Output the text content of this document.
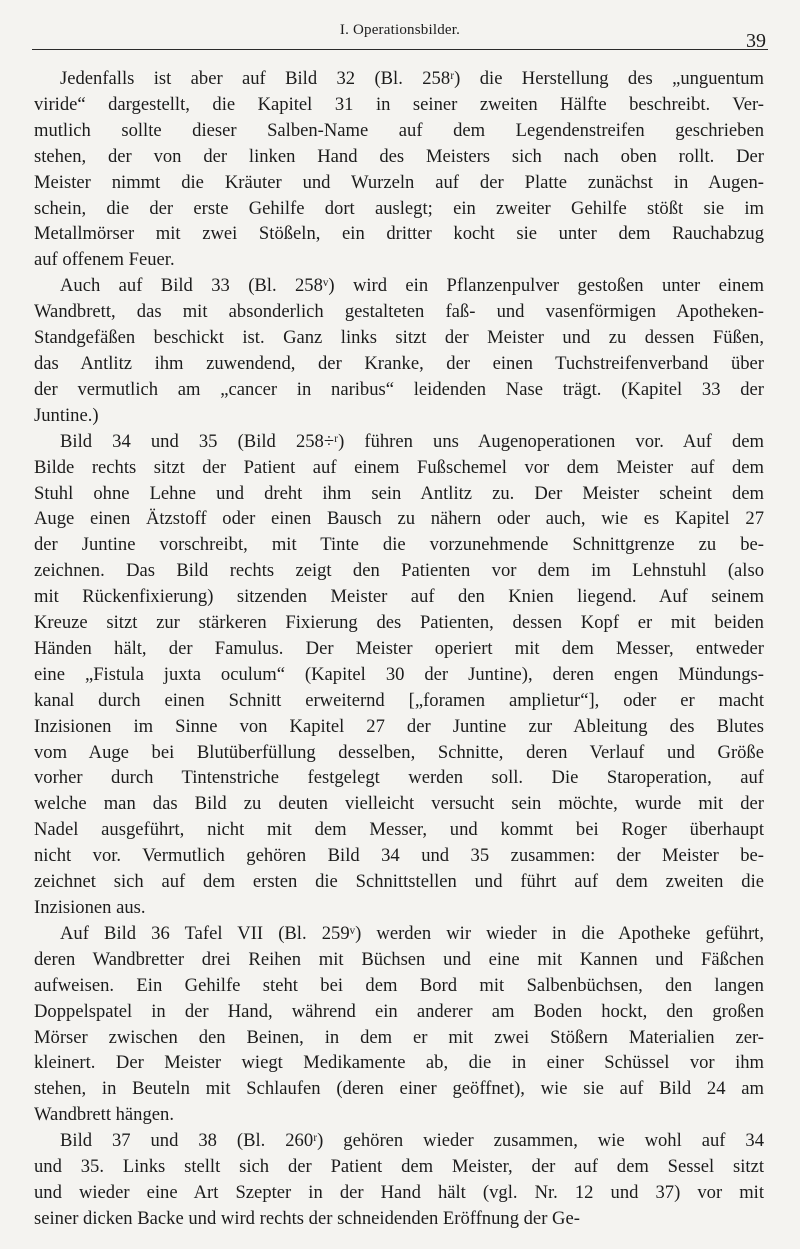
I. Operationsbilder.	39

Jedenfalls ist aber auf Bild 32 (Bl. 258ʳ) die Herstellung des „unguentum
viride“ dargestellt, die Kapitel 31 in seiner zweiten Hälfte beschreibt. Ver-
mutlich sollte dieser Salben-Name auf dem Legendenstreifen geschrieben
stehen, der von der linken Hand des Meisters sich nach oben rollt. Der
Meister nimmt die Kräuter und Wurzeln auf der Platte zunächst in Augen-
schein, die der erste Gehilfe dort auslegt; ein zweiter Gehilfe stößt sie im
Metallmörser mit zwei Stößeln, ein dritter kocht sie unter dem Rauchabzug
auf offenem Feuer.

Auch auf Bild 33 (Bl. 258ᵛ) wird ein Pflanzenpulver gestoßen unter einem
Wandbrett, das mit absonderlich gestalteten faß- und vasenförmigen Apotheken-
Standgefäßen beschickt ist. Ganz links sitzt der Meister und zu dessen Füßen,
das Antlitz ihm zuwendend, der Kranke, der einen Tuchstreifenverband über
der vermutlich am „cancer in naribus“ leidenden Nase trägt. (Kapitel 33 der
Juntine.)

Bild 34 und 35 (Bild 258÷ʳ) führen uns Augenoperationen vor. Auf dem
Bilde rechts sitzt der Patient auf einem Fußschemel vor dem Meister auf dem
Stuhl ohne Lehne und dreht ihm sein Antlitz zu. Der Meister scheint dem
Auge einen Ätzstoff oder einen Bausch zu nähern oder auch, wie es Kapitel 27
der Juntine vorschreibt, mit Tinte die vorzunehmende Schnittgrenze zu be-
zeichnen. Das Bild rechts zeigt den Patienten vor dem im Lehnstuhl (also
mit Rückenfixierung) sitzenden Meister auf den Knien liegend. Auf seinem
Kreuze sitzt zur stärkeren Fixierung des Patienten, dessen Kopf er mit beiden
Händen hält, der Famulus. Der Meister operiert mit dem Messer, entweder
eine „Fistula juxta oculum“ (Kapitel 30 der Juntine), deren engen Mündungs-
kanal durch einen Schnitt erweiternd [„foramen amplietur“], oder er macht
Inzisionen im Sinne von Kapitel 27 der Juntine zur Ableitung des Blutes
vom Auge bei Blutüberfüllung desselben, Schnitte, deren Verlauf und Größe
vorher durch Tintenstriche festgelegt werden soll. Die Staroperation, auf
welche man das Bild zu deuten vielleicht versucht sein möchte, wurde mit der
Nadel ausgeführt, nicht mit dem Messer, und kommt bei Roger überhaupt
nicht vor. Vermutlich gehören Bild 34 und 35 zusammen: der Meister be-
zeichnet sich auf dem ersten die Schnittstellen und führt auf dem zweiten die
Inzisionen aus.

Auf Bild 36 Tafel VII (Bl. 259ᵛ) werden wir wieder in die Apotheke geführt,
deren Wandbretter drei Reihen mit Büchsen und eine mit Kannen und Fäßchen
aufweisen. Ein Gehilfe steht bei dem Bord mit Salbenbüchsen, den langen
Doppelspatel in der Hand, während ein anderer am Boden hockt, den großen
Mörser zwischen den Beinen, in dem er mit zwei Stößern Materialien zer-
kleinert. Der Meister wiegt Medikamente ab, die in einer Schüssel vor ihm
stehen, in Beuteln mit Schlaufen (deren einer geöffnet), wie sie auf Bild 24 am
Wandbrett hängen.

Bild 37 und 38 (Bl. 260ʳ) gehören wieder zusammen, wie wohl auf 34
und 35. Links stellt sich der Patient dem Meister, der auf dem Sessel sitzt
und wieder eine Art Szepter in der Hand hält (vgl. Nr. 12 und 37) vor mit
seiner dicken Backe und wird rechts der schneidenden Eröffnung der Ge-
